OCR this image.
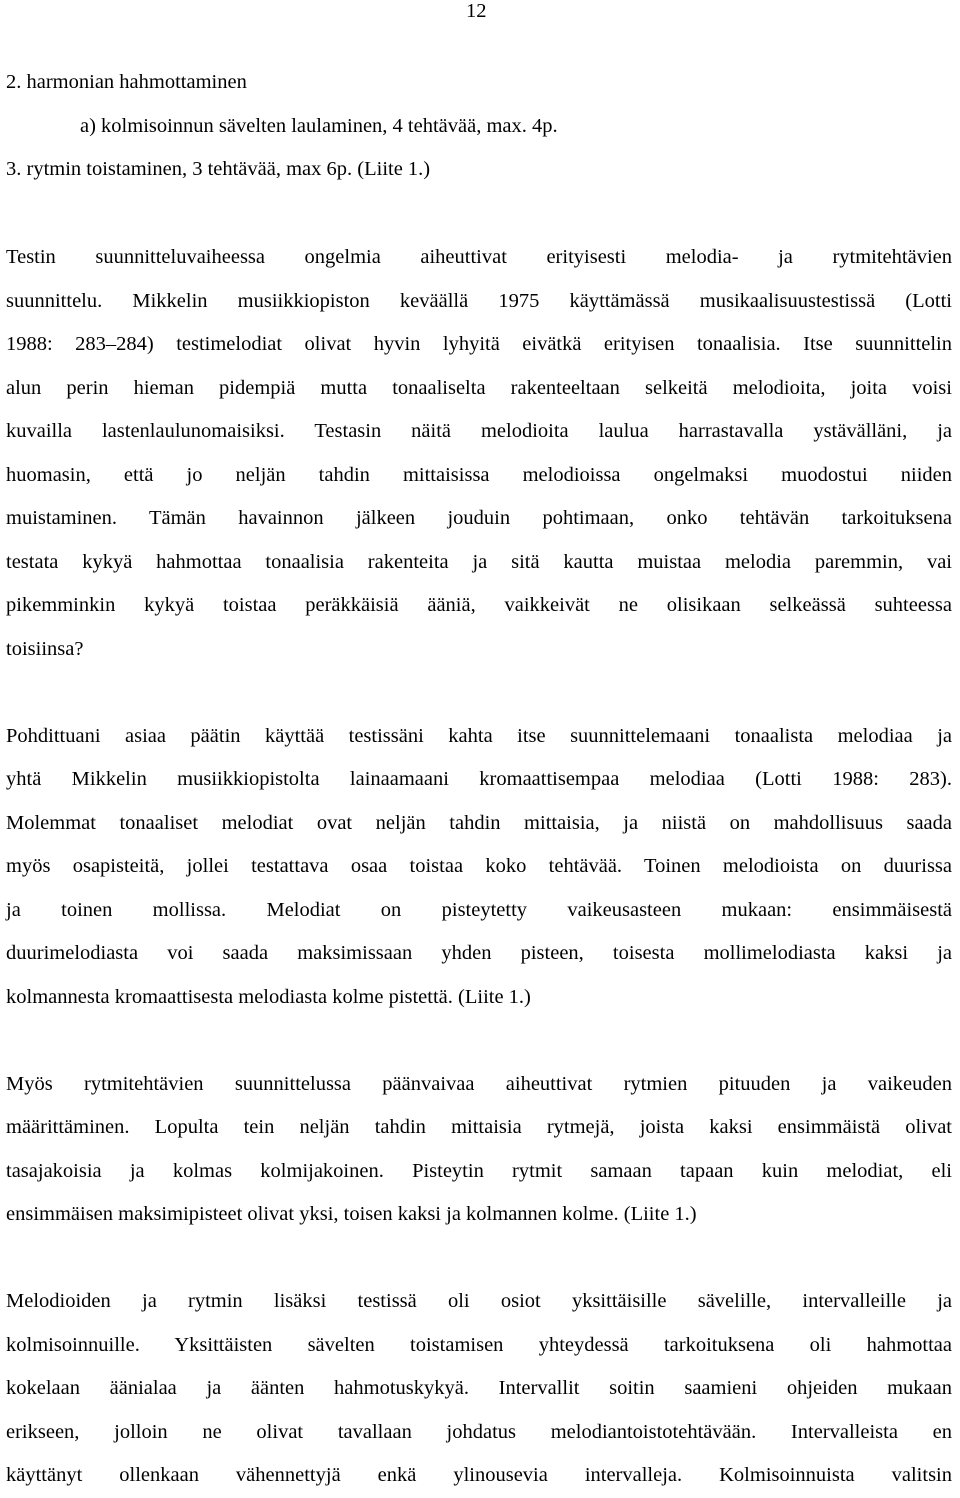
12
2. harmonian hahmottaminen
a) kolmisoinnun sävelten laulaminen, 4 tehtävää, max. 4p.
3. rytmin toistaminen, 3 tehtävää, max 6p. (Liite 1.)
Testin suunnitteluvaiheessa ongelmia aiheuttivat erityisesti melodia- ja rytmitehtävien
suunnittelu. Mikkelin musiikkiopiston keväällä 1975 käyttämässä musikaalisuustestissä (Lotti
1988: 283–284) testimelodiat olivat hyvin lyhyitä eivätkä erityisen tonaalisia. Itse suunnittelin
alun perin hieman pidempiä mutta tonaaliselta rakenteeltaan selkeitä melodioita, joita voisi
kuvailla lastenlaulunomaisiksi. Testasin näitä melodioita laulua harrastavalla ystävälläni, ja
huomasin, että jo neljän tahdin mittaisissa melodioissa ongelmaksi muodostui niiden
muistaminen. Tämän havainnon jälkeen jouduin pohtimaan, onko tehtävän tarkoituksena
testata kykyä hahmottaa tonaalisia rakenteita ja sitä kautta muistaa melodia paremmin, vai
pikemminkin kykyä toistaa peräkkäisiä ääniä, vaikkeivät ne olisikaan selkeässä suhteessa
toisiinsa?
Pohdittuani asiaa päätin käyttää testissäni kahta itse suunnittelemaani tonaalista melodiaa ja
yhtä Mikkelin musiikkiopistolta lainaamaani kromaattisempaa melodiaa (Lotti 1988: 283).
Molemmat tonaaliset melodiat ovat neljän tahdin mittaisia, ja niistä on mahdollisuus saada
myös osapisteitä, jollei testattava osaa toistaa koko tehtävää. Toinen melodioista on duurissa
ja toinen mollissa. Melodiat on pisteytetty vaikeusasteen mukaan: ensimmäisestä
duurimelodiasta voi saada maksimissaan yhden pisteen, toisesta mollimelodiasta kaksi ja
kolmannesta kromaattisesta melodiasta kolme pistettä. (Liite 1.)
Myös rytmitehtävien suunnittelussa päänvaivaa aiheuttivat rytmien pituuden ja vaikeuden
määrittäminen. Lopulta tein neljän tahdin mittaisia rytmejä, joista kaksi ensimmäistä olivat
tasajakoisia ja kolmas kolmijakoinen. Pisteytin rytmit samaan tapaan kuin melodiat, eli
ensimmäisen maksimipisteet olivat yksi, toisen kaksi ja kolmannen kolme. (Liite 1.)
Melodioiden ja rytmin lisäksi testissä oli osiot yksittäisille sävelille, intervalleille ja
kolmisoinnuille. Yksittäisten sävelten toistamisen yhteydessä tarkoituksena oli hahmottaa
kokelaan äänialaa ja äänten hahmotuskykyä. Intervallit soitin saamieni ohjeiden mukaan
erikseen, jolloin ne olivat tavallaan johdatus melodiantoistotehtävään. Intervalleista en
käyttänyt ollenkaan vähennettyjä enkä ylinousevia intervalleja. Kolmisoinnuista valitsin
